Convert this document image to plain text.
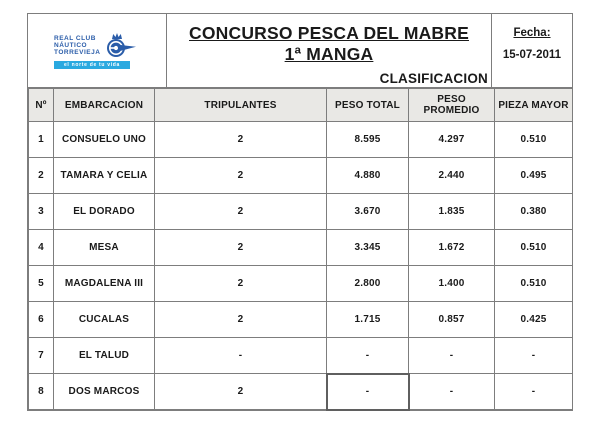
REAL CLUB
NÁUTICO
TORREVIEJA
el norte de tu vida
CONCURSO PESCA DEL MABRE
1ª MANGA
CLASIFICACION
Fecha:
15-07-2011
Nº	EMBARCACION	TRIPULANTES	PESO TOTAL	PESO PROMEDIO	PIEZA MAYOR
1	CONSUELO UNO	2	8.595	4.297	0.510
2	TAMARA Y CELIA	2	4.880	2.440	0.495
3	EL DORADO	2	3.670	1.835	0.380
4	MESA	2	3.345	1.672	0.510
5	MAGDALENA III	2	2.800	1.400	0.510
6	CUCALAS	2	1.715	0.857	0.425
7	EL TALUD	-	-	-	-
8	DOS MARCOS	2	-	-	-
